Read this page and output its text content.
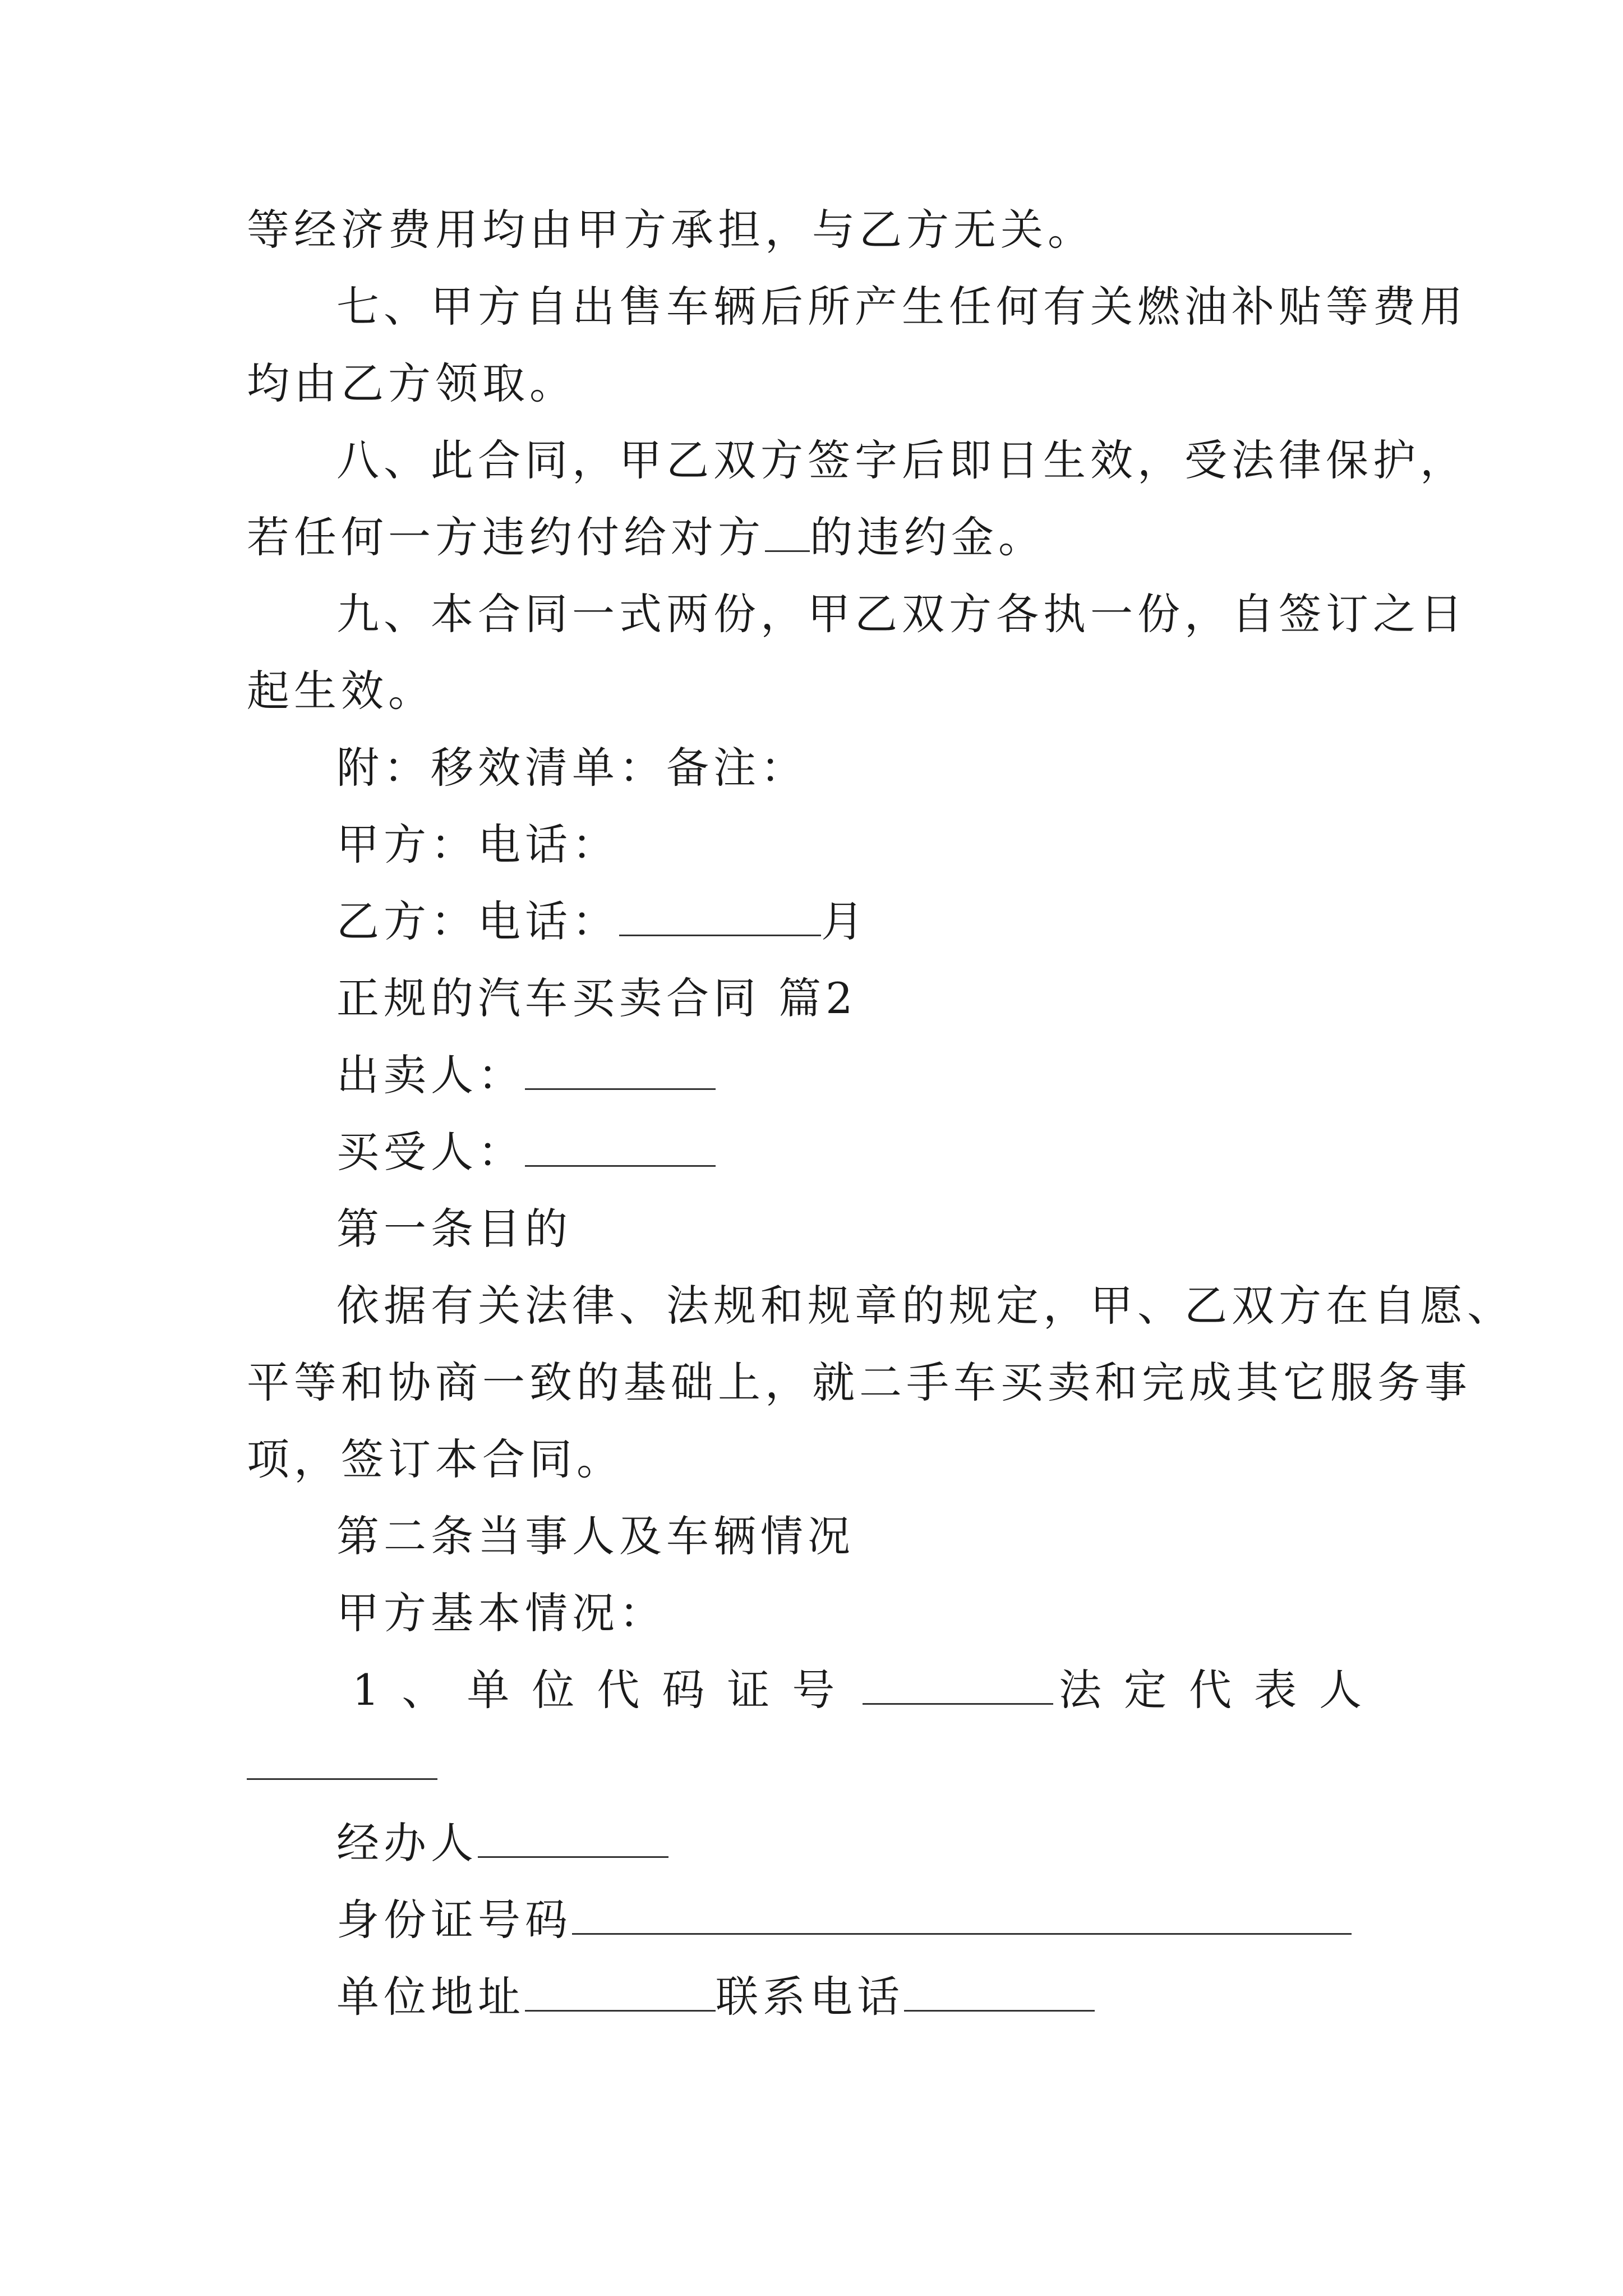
等经济费用均由甲方承担，与乙方无关。
七、甲方自出售车辆后所产生任何有关燃油补贴等费用
均由乙方领取。
八、此合同，甲乙双方签字后即日生效，受法律保护，
若任何一方违约付给对方 的违约金。
九、本合同一式两份，甲乙双方各执一份，自签订之日
起生效。
附：移效清单：备注：
甲方：电话：
乙方：电话：	月
正规的汽车买卖合同 篇2
出卖人：
买受人：
第一条目的
依据有关法律、法规和规章的规定，甲、乙双方在自愿、
平等和协商一致的基础上，就二手车买卖和完成其它服务事
项，签订本合同。
第二条当事人及车辆情况
甲方基本情况：
1、单位代码证号	法定代表人
经办人
身份证号码
单位地址	联系电话
